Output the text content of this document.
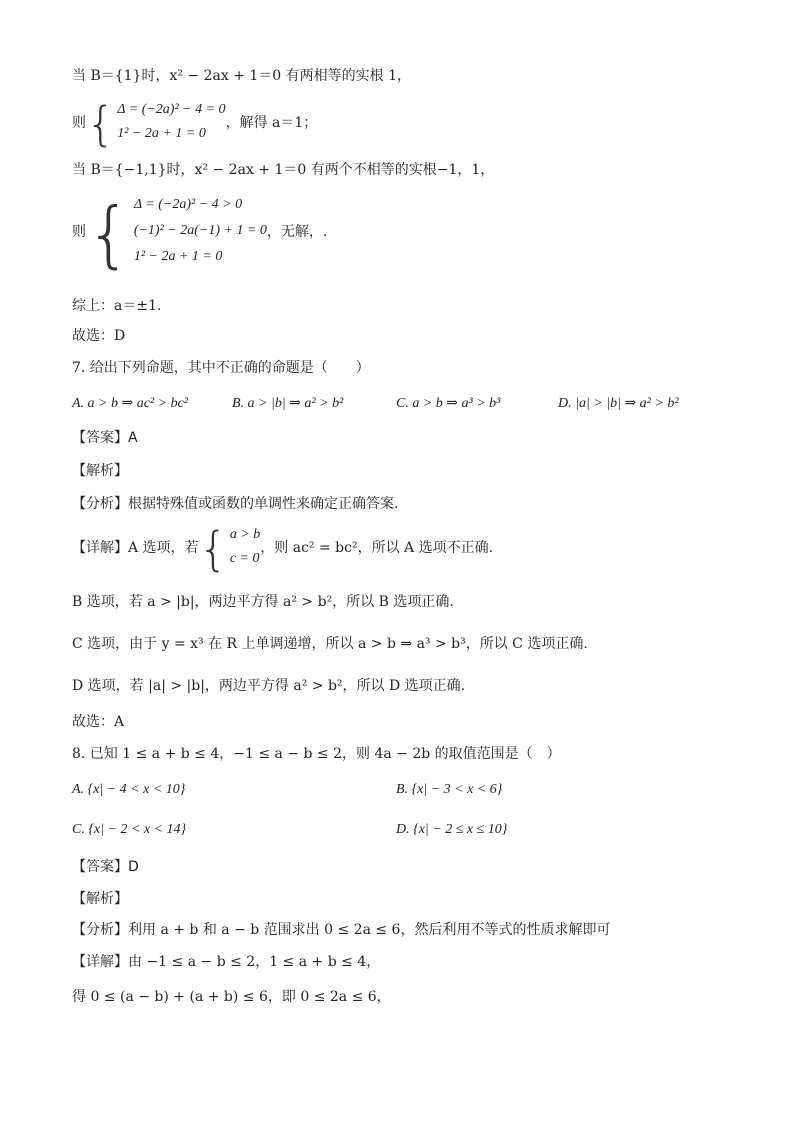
当 B＝{1}时，x² − 2ax + 1＝0 有两相等的实根 1，
则 { Δ = (−2a)² − 4 = 0
1² − 2a + 1 = 0
，解得 a＝1；
当 B＝{−1,1}时，x² − 2ax + 1＝0 有两个不相等的实根−1，1，
则 { Δ = (−2a)² − 4 > 0
(−1)² − 2a(−1) + 1 = 0
1² − 2a + 1 = 0
，无解，.
综上：a＝±1.
故选：D
7. 给出下列命题，其中不正确的命题是（　　）
A. a > b ⇒ ac² > bc²	B. a > |b| ⇒ a² > b²	C. a > b ⇒ a³ > b³	D. |a| > |b| ⇒ a² > b²
【答案】A
【解析】
【分析】根据特殊值或函数的单调性来确定正确答案.
【详解】A 选项，若 { a > b
c = 0
，则 ac² = bc²，所以 A 选项不正确.
B 选项，若 a > |b|，两边平方得 a² > b²，所以 B 选项正确.
C 选项，由于 y = x³ 在 R 上单调递增，所以 a > b ⇒ a³ > b³，所以 C 选项正确.
D 选项，若 |a| > |b|，两边平方得 a² > b²，所以 D 选项正确.
故选：A
8. 已知 1 ≤ a + b ≤ 4，−1 ≤ a − b ≤ 2，则 4a − 2b 的取值范围是（　）
A. {x| − 4 < x < 10}	B. {x| − 3 < x < 6}
C. {x| − 2 < x < 14}	D. {x| − 2 ≤ x ≤ 10}
【答案】D
【解析】
【分析】利用 a + b 和 a − b 范围求出 0 ≤ 2a ≤ 6，然后利用不等式的性质求解即可
【详解】由 −1 ≤ a − b ≤ 2，1 ≤ a + b ≤ 4，
得 0 ≤ (a − b) + (a + b) ≤ 6，即 0 ≤ 2a ≤ 6，
